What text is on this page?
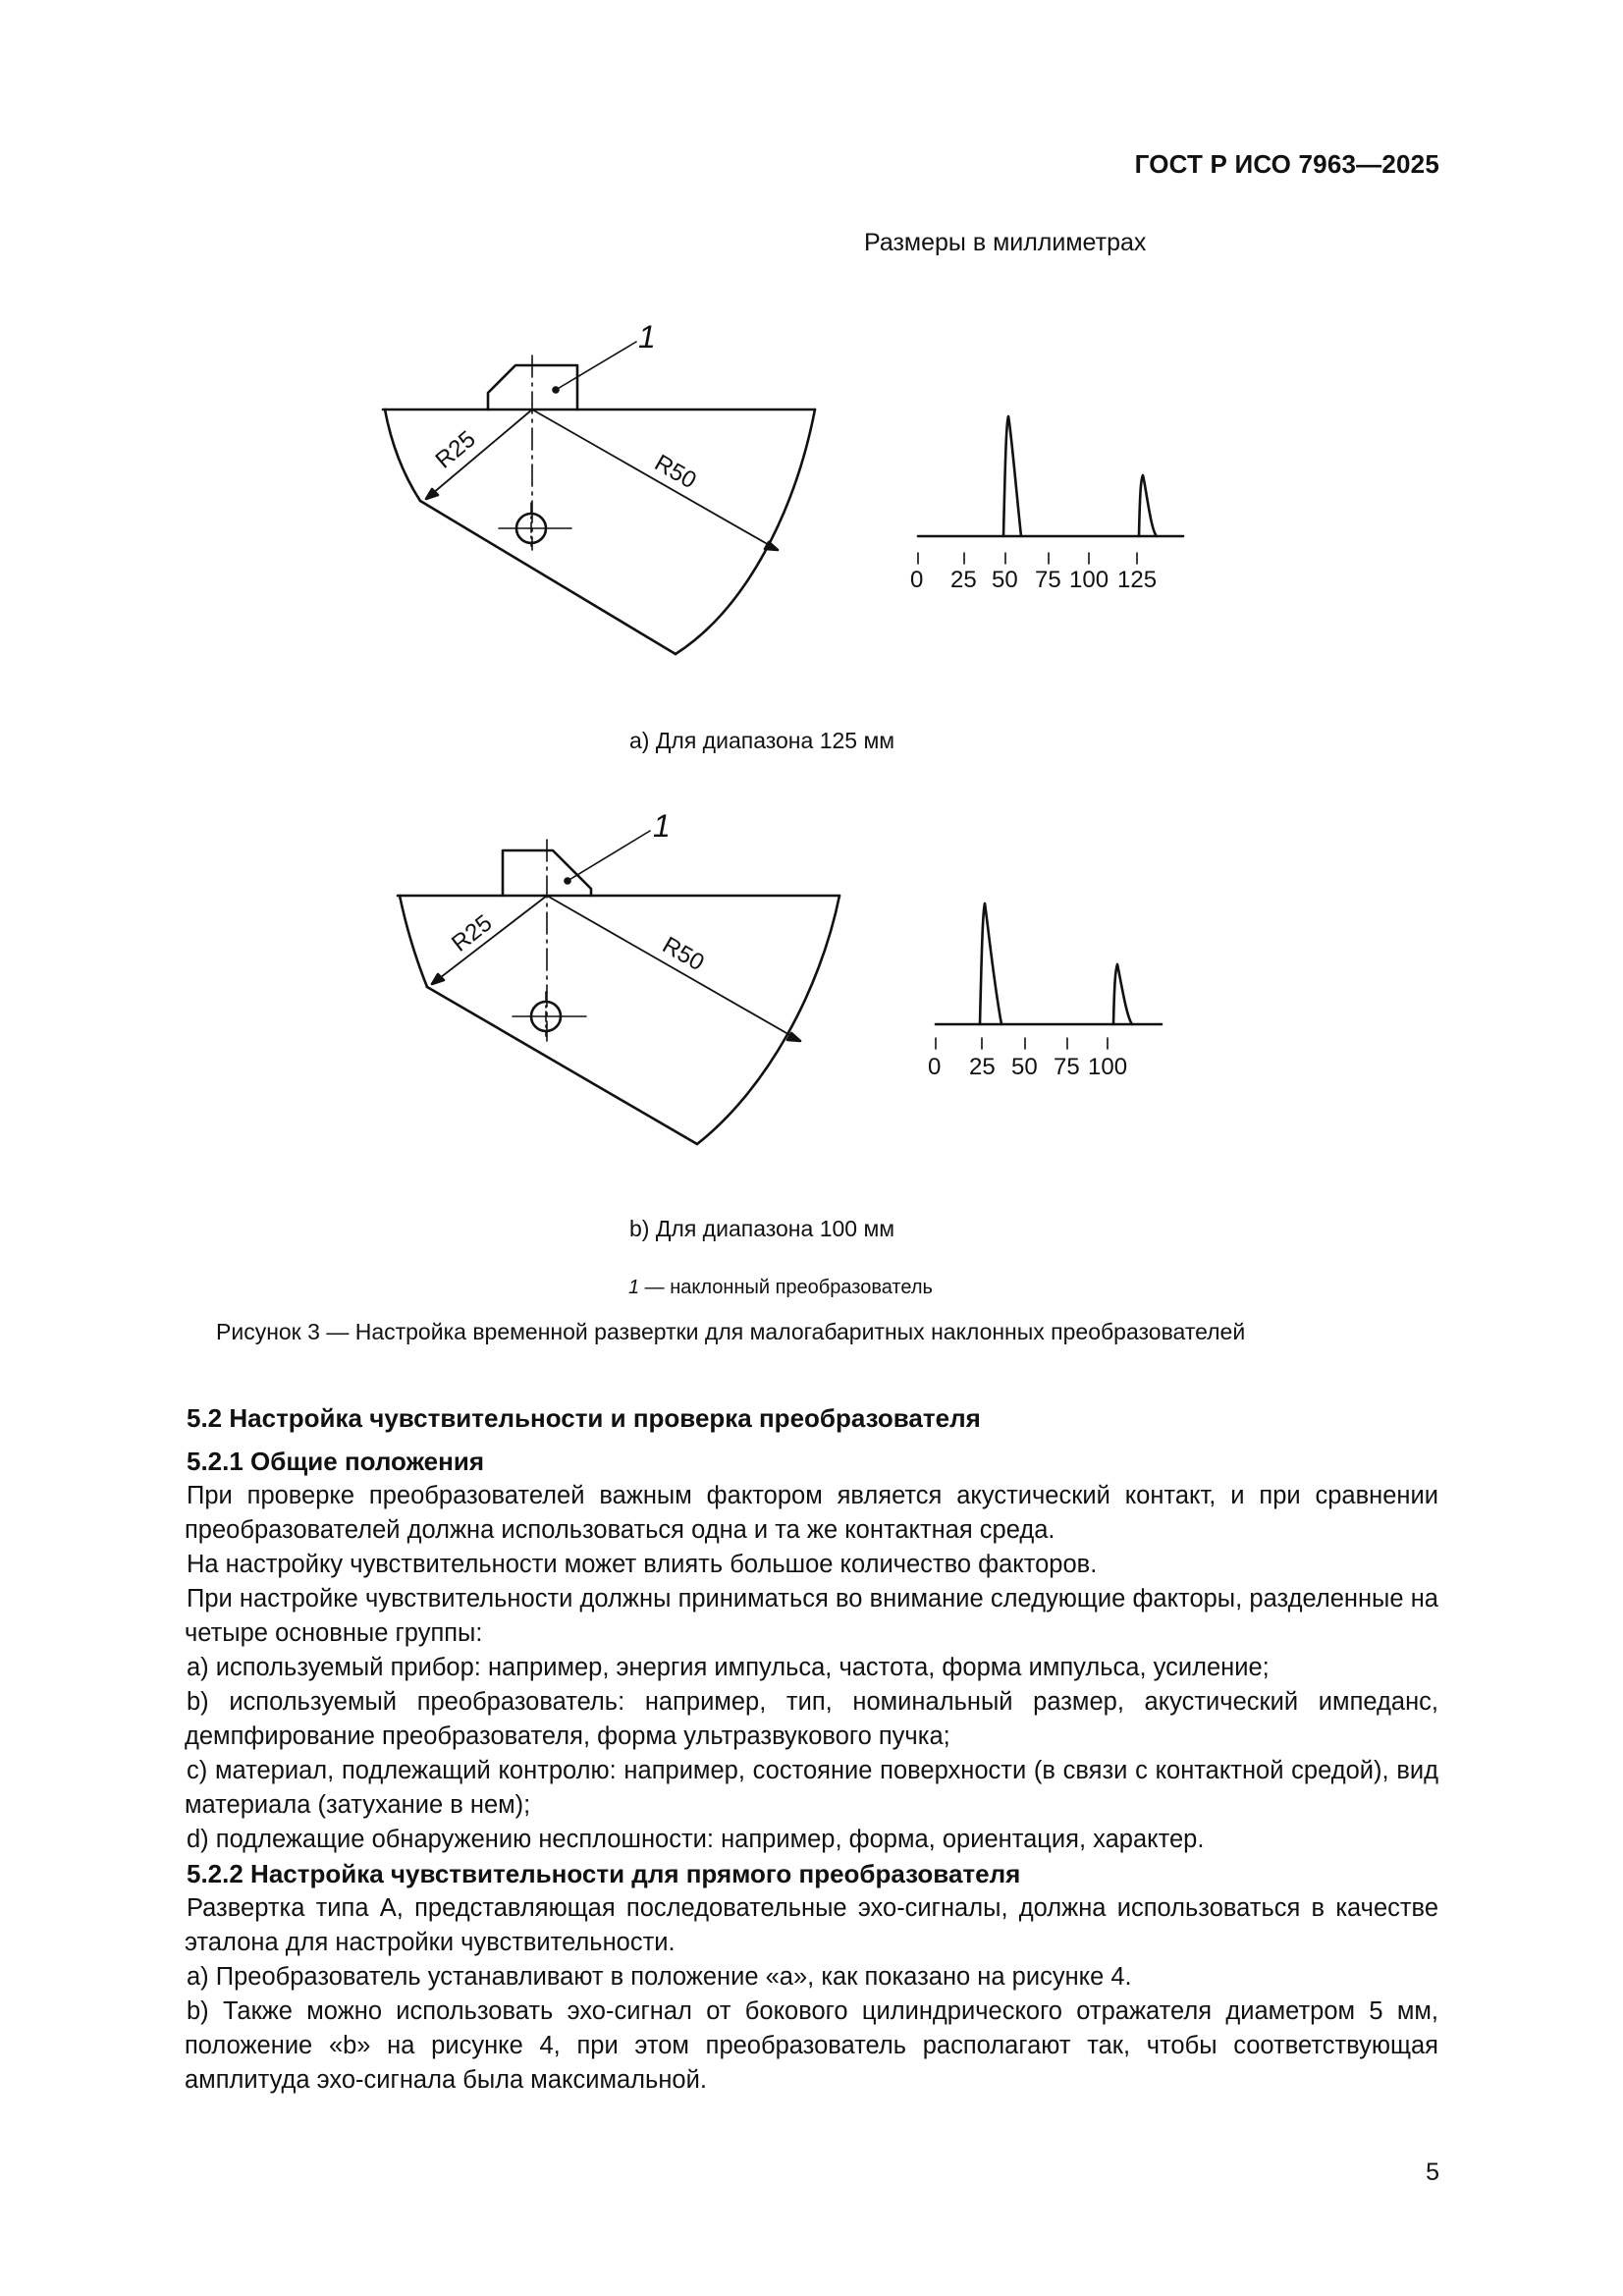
ГОСТ Р ИСО 7963—2025
Размеры в миллиметрах
1
R25	R50
0 25 50 75 100 125
1
R25	R50
0 25 50 75 100
a) Для диапазона 125 мм
b) Для диапазона 100 мм
1 — наклонный преобразователь
Рисунок 3 — Настройка временной развертки для малогабаритных наклонных преобразователей

5.2 Настройка чувствительности и проверка преобразователя

5.2.1 Общие положения

При проверке преобразователей важным фактором является акустический контакт, и при сравнении преобразователей должна использоваться одна и та же контактная среда.

На настройку чувствительности может влиять большое количество факторов.

При настройке чувствительности должны приниматься во внимание следующие факторы, разделенные на четыре основные группы:

a) используемый прибор: например, энергия импульса, частота, форма импульса, усиление;

b) используемый преобразователь: например, тип, номинальный размер, акустический импеданс, демпфирование преобразователя, форма ультразвукового пучка;

c) материал, подлежащий контролю: например, состояние поверхности (в связи с контактной средой), вид материала (затухание в нем);

d) подлежащие обнаружению несплошности: например, форма, ориентация, характер.

5.2.2 Настройка чувствительности для прямого преобразователя

Развертка типа А, представляющая последовательные эхо-сигналы, должна использоваться в качестве эталона для настройки чувствительности.

a) Преобразователь устанавливают в положение «a», как показано на рисунке 4.

b) Также можно использовать эхо-сигнал от бокового цилиндрического отражателя диаметром 5 мм, положение «b» на рисунке 4, при этом преобразователь располагают так, чтобы соответствующая амплитуда эхо-сигнала была максимальной.

5
